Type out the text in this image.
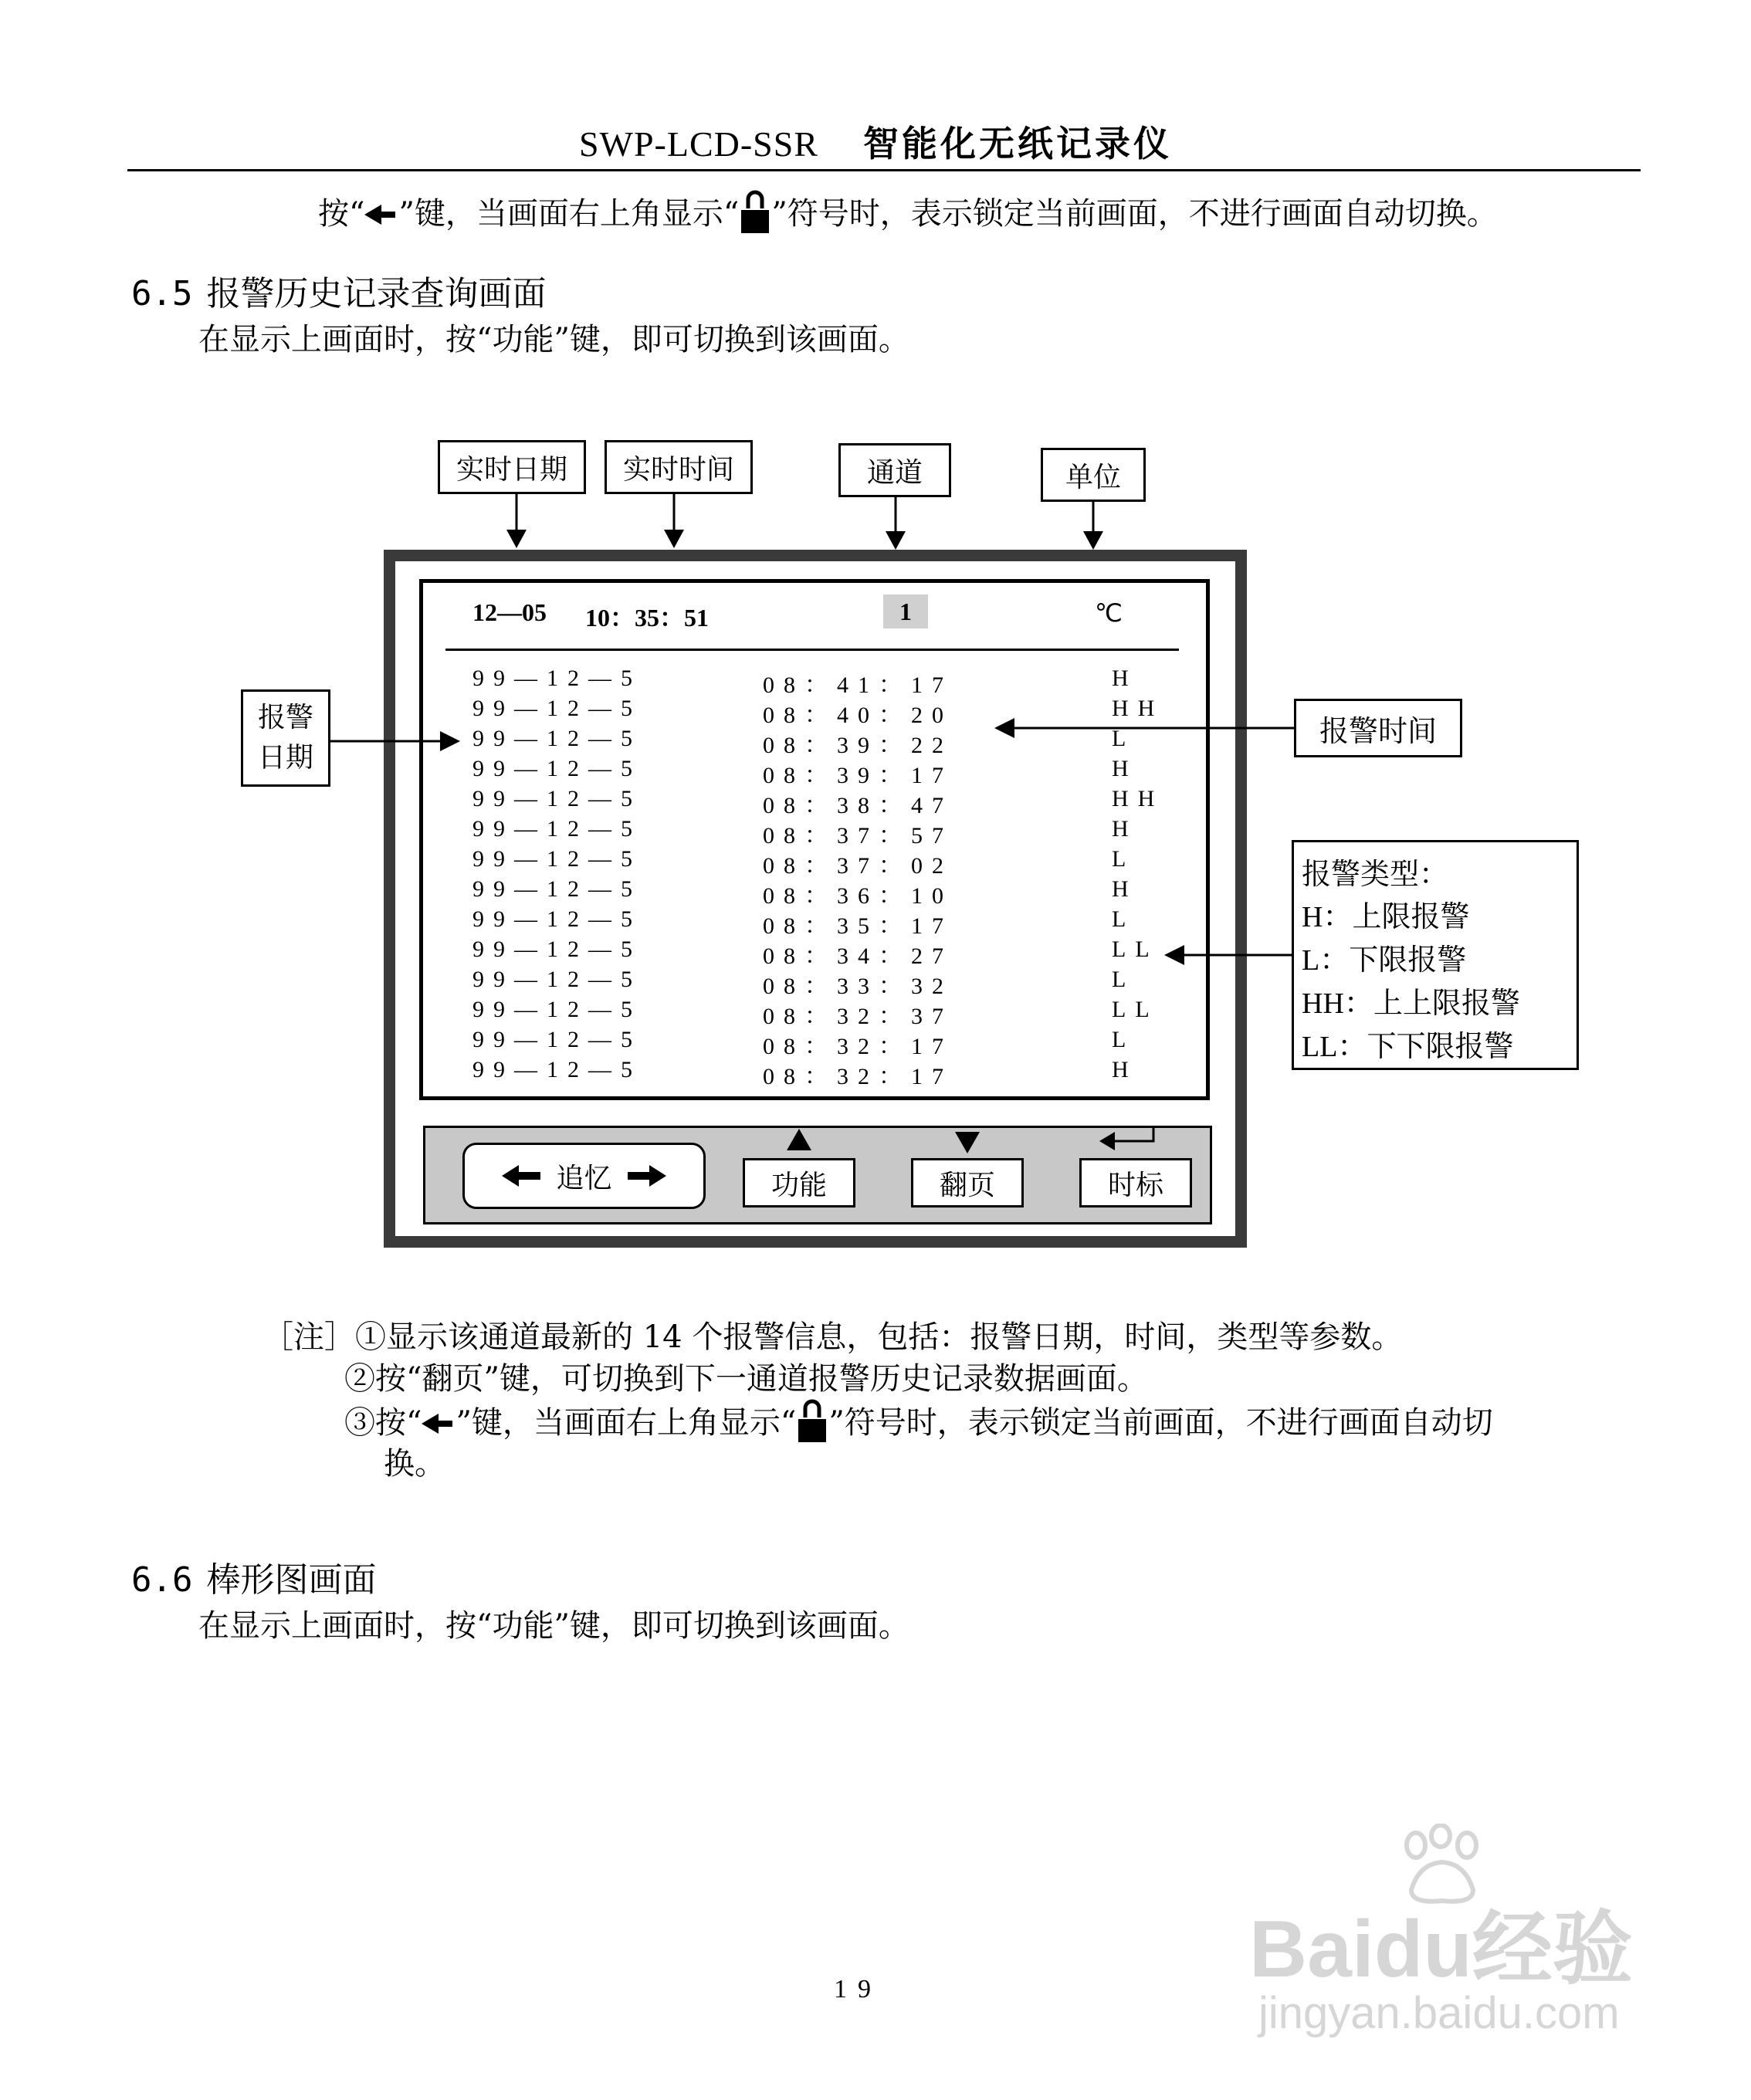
SWP-LCD-SSR 智能化无纸记录仪
按“ ”键，当画面右上角显示“ ”符号时，表示锁定当前画面，不进行画面自动切换。
6.5 报警历史记录查询画面
在显示上画面时，按“功能”键，即可切换到该画面。
实时日期	实时时间	通道	单位
报警
日期
报警时间
报警类型：
H：上限报警
L：下限报警
HH：上上限报警
LL：下下限报警
12—05 10：35：51	1	℃
99—12—5	08：41：17	H
99—12—5	08：40：20	HH
99—12—5	08：39：22	L
99—12—5	08：39：17	H
99—12—5	08：38：47	HH
99—12—5	08：37：57	H
99—12—5	08：37：02	L
99—12—5	08：36：10	H
99—12—5	08：35：17	L
99—12—5	08：34：27	LL
99—12—5	08：33：32	L
99—12—5	08：32：37	LL
99—12—5	08：32：17	L
99—12—5	08：32：17	H
追忆	功能	翻页	时标
［注］①显示该通道最新的 14 个报警信息，包括：报警日期，时间，类型等参数。
②按“翻页”键，可切换到下一通道报警历史记录数据画面。
③按“ ”键，当画面右上角显示“ ”符号时，表示锁定当前画面，不进行画面自动切
换。
6.6 棒形图画面
在显示上画面时，按“功能”键，即可切换到该画面。
19	Baidu经验
jingyan.baidu.com
